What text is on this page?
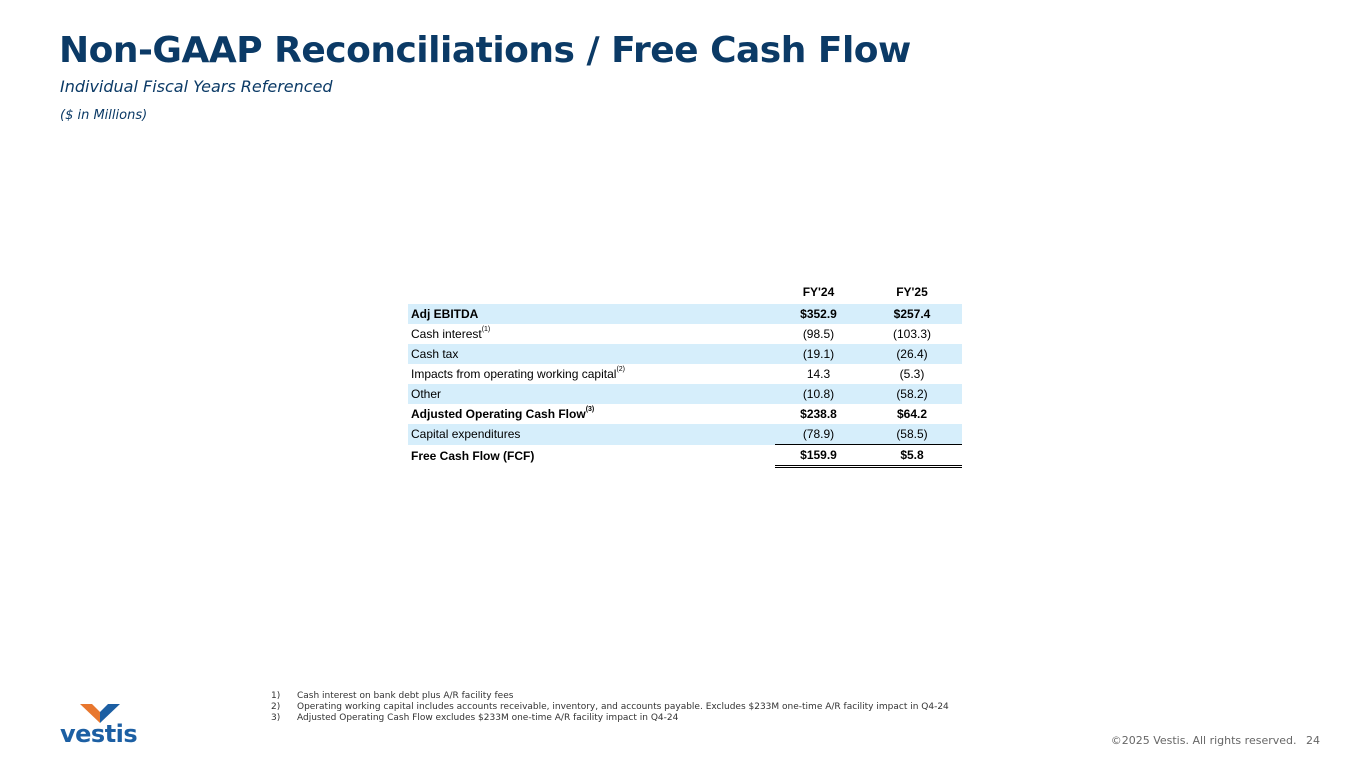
Non-GAAP Reconciliations / Free Cash Flow
Individual Fiscal Years Referenced
($ in Millions)
	FY'24	FY'25
Adj EBITDA	$352.9	$257.4
Cash interest$^{(1)}$	(98.5)	(103.3)
Cash tax	(19.1)	(26.4)
Impacts from operating working capital$^{(2)}$	14.3	(5.3)
Other	(10.8)	(58.2)
Adjusted Operating Cash Flow$^{(3)}$	$238.8	$64.2
Capital expenditures	(78.9)	(58.5)
Free Cash Flow (FCF)	$159.9	$5.8
1)	Cash interest on bank debt plus A/R facility fees
2)	Operating working capital includes accounts receivable, inventory, and accounts payable. Excludes $233M one-time A/R facility impact in Q4-24
3)	Adjusted Operating Cash Flow excludes $233M one-time A/R facility impact in Q4-24
vestis	©2025 Vestis. All rights reserved. 24
